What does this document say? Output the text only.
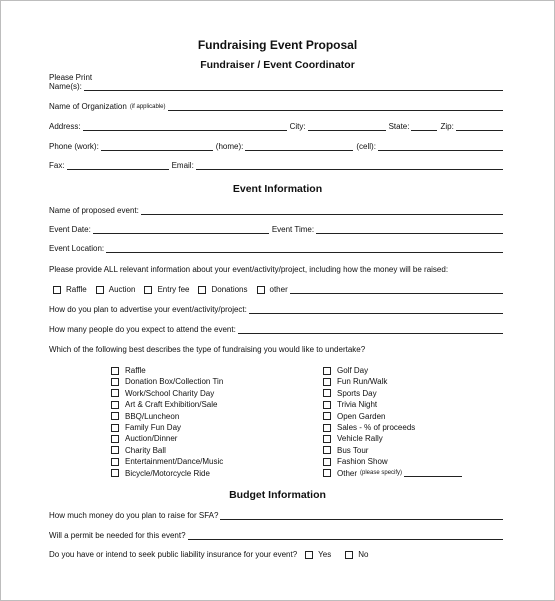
Fundraising Event Proposal
Fundraiser / Event Coordinator
Please Print
Name(s):
Name of Organization (if applicable)
Address:	City:	State:	Zip:
Phone (work):	(home):	(cell):
Fax:	Email:
Event Information
Name of proposed event:
Event Date:	Event Time:
Event Location:
Please provide ALL relevant information about your event/activity/project, including how the money will be raised:
Raffle	Auction	Entry fee	Donations	other
How do you plan to advertise your event/activity/project:
How many people do you expect to attend the event:
Which of the following best describes the type of fundraising you would like to undertake?
Raffle
Donation Box/Collection Tin
Work/School Charity Day
Art & Craft Exhibition/Sale
BBQ/Luncheon
Family Fun Day
Auction/Dinner
Charity Ball
Entertainment/Dance/Music
Bicycle/Motorcycle Ride
Golf Day
Fun Run/Walk
Sports Day
Trivia Night
Open Garden
Sales - % of proceeds
Vehicle Rally
Bus Tour
Fashion Show
Other (please specify)
Budget Information
How much money do you plan to raise for SFA?
Will a permit be needed for this event?
Do you have or intend to seek public liability insurance for your event?	Yes	No
